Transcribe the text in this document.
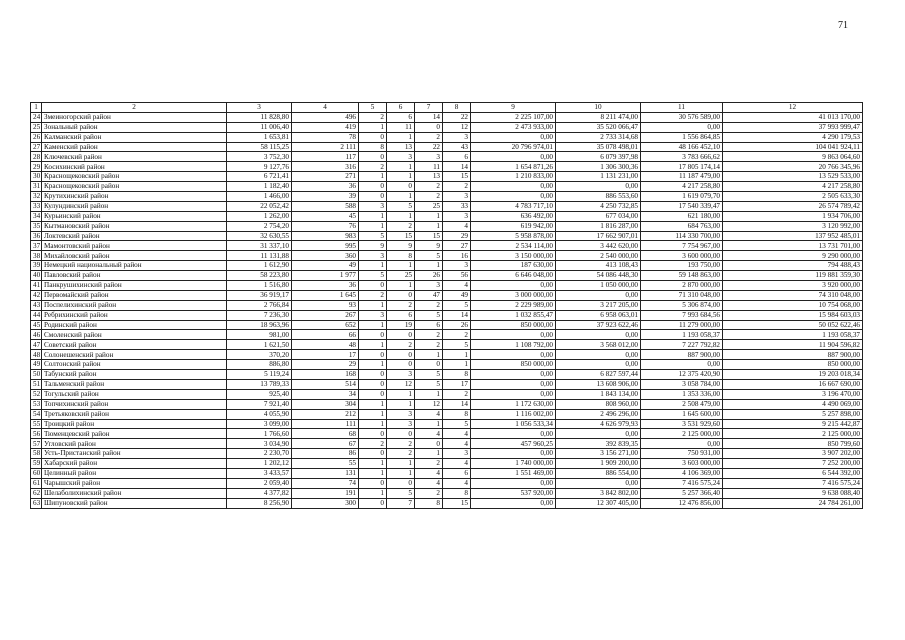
71
1	2	3	4	5	6	7	8	9	10	11	12
24	Змеиногорский район	11 828,80	496	2	6	14	22	2 225 107,00	8 211 474,00	30 576 589,00	41 013 170,00
25	Зональный район	11 006,40	419	1	11	0	12	2 473 933,00	35 520 066,47	0,00	37 993 999,47
26	Калманский район	1 653,81	78	0	1	2	3	0,00	2 733 314,68	1 556 864,85	4 290 179,53
27	Каменский район	58 115,25	2 111	8	13	22	43	20 796 974,01	35 078 498,01	48 166 452,10	104 041 924,11
28	Ключевский район	3 752,30	117	0	3	3	6	0,00	6 079 397,98	3 783 666,62	9 863 064,60
29	Косихинский район	9 127,76	316	2	1	11	14	1 654 871,26	1 306 300,36	17 805 174,14	20 766 345,96
30	Краснощековский район	6 721,41	271	1	1	13	15	1 210 833,00	1 131 231,00	11 187 479,00	13 529 533,00
31	Краснощековский район	1 182,40	36	0	0	2	2	0,00	0,00	4 217 258,80	4 217 258,80
32	Крутихинский район	1 466,00	39	0	1	2	3	0,00	886 553,60	1 619 079,70	2 505 633,30
33	Кулундинский район	22 052,42	588	3	5	25	33	4 783 717,10	4 250 732,85	17 540 339,47	26 574 789,42
34	Курьинский район	1 262,00	45	1	1	1	3	636 492,00	677 034,00	621 180,00	1 934 706,00
35	Кытмановский район	2 754,20	76	1	2	1	4	619 942,00	1 816 287,00	684 763,00	3 120 992,00
36	Локтевский район	32 630,55	983	5	15	15	29	5 958 878,00	17 662 907,01	114 330 700,00	137 952 485,01
37	Мамонтовский район	31 337,10	995	9	9	9	27	2 534 114,00	3 442 620,00	7 754 967,00	13 731 701,00
38	Михайловский район	11 131,88	360	3	8	5	16	3 150 000,00	2 540 000,00	3 600 000,00	9 290 000,00
39	Немецкий национальный район	1 612,90	49	1	1	1	3	187 630,00	413 108,43	193 750,00	794 488,43
40	Павловский район	58 223,80	1 977	5	25	26	56	6 646 048,00	54 086 448,30	59 148 863,00	119 881 359,30
41	Панкрушихинский район	1 516,80	36	0	1	3	4	0,00	1 050 000,00	2 870 000,00	3 920 000,00
42	Первомайский район	36 919,17	1 645	2	0	47	49	3 000 000,00	0,00	71 310 048,00	74 310 048,00
43	Поспелихинский район	2 766,84	93	1	2	2	5	2 229 989,00	3 217 205,00	5 306 874,00	10 754 068,00
44	Ребрихинский район	7 236,30	267	3	6	5	14	1 032 855,47	6 958 063,01	7 993 684,56	15 984 603,03
45	Родинский район	18 963,96	652	1	19	6	26	850 000,00	37 923 622,46	11 279 000,00	50 052 622,46
46	Смоленский район	981,00	66	0	0	2	2	0,00	0,00	1 193 058,37	1 193 058,37
47	Советский район	1 621,50	48	1	2	2	5	1 108 792,00	3 568 012,00	7 227 792,82	11 904 596,82
48	Солонешенский район	370,20	17	0	0	1	1	0,00	0,00	887 900,00	887 900,00
49	Солтонский район	886,80	29	1	0	0	1	850 000,00	0,00	0,00	850 000,00
50	Табунский район	5 119,24	168	0	3	5	8	0,00	6 827 597,44	12 375 420,90	19 203 018,34
51	Тальменский район	13 789,33	514	0	12	5	17	0,00	13 608 906,00	3 058 784,00	16 667 690,00
52	Тогульский район	925,40	34	0	1	1	2	0,00	1 843 134,00	1 353 336,00	3 196 470,00
53	Топчихинский район	7 921,40	304	1	1	12	14	1 172 630,00	808 960,00	2 508 479,00	4 490 069,00
54	Третьяковский район	4 055,90	212	1	3	4	8	1 116 002,00	2 496 296,00	1 645 600,00	5 257 898,00
55	Троицкий район	3 099,00	111	1	3	1	5	1 056 533,34	4 626 979,93	3 531 929,60	9 215 442,87
56	Тюменцевский район	1 766,60	68	0	0	4	4	0,00	0,00	2 125 000,00	2 125 000,00
57	Угловский район	3 034,90	67	2	2	0	4	457 960,25	392 839,35	0,00	850 799,60
58	Усть-Пристанский район	2 230,70	86	0	2	1	3	0,00	3 156 271,00	750 931,00	3 907 202,00
59	Хабарский район	1 202,12	55	1	1	2	4	1 740 000,00	1 909 200,00	3 603 000,00	7 252 200,00
60	Целинный район	3 433,57	131	1	1	4	6	1 551 469,00	886 554,00	4 106 369,00	6 544 392,00
61	Чарышский район	2 059,40	74	0	0	4	4	0,00	0,00	7 416 575,24	7 416 575,24
62	Шелаболихинский район	4 377,82	191	1	5	2	8	537 920,00	3 842 802,00	5 257 366,40	9 638 088,40
63	Шипуновский район	8 256,90	300	0	7	8	15	0,00	12 307 405,00	12 476 856,00	24 784 261,00
